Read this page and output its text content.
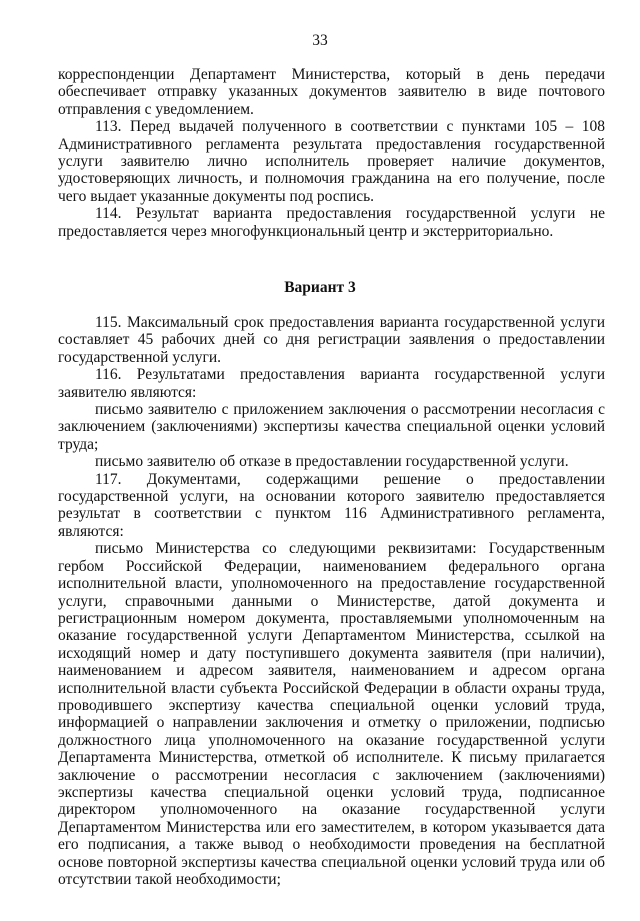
33

корреспонденции Департамент Министерства, который в день передачи обеспечивает отправку указанных документов заявителю в виде почтового отправления с уведомлением.

113. Перед выдачей полученного в соответствии с пунктами 105 – 108 Административного регламента результата предоставления государственной услуги заявителю лично исполнитель проверяет наличие документов, удостоверяющих личность, и полномочия гражданина на его получение, после чего выдает указанные документы под роспись.

114. Результат варианта предоставления государственной услуги не предоставляется через многофункциональный центр и экстерриториально.

Вариант 3

115. Максимальный срок предоставления варианта государственной услуги составляет 45 рабочих дней со дня регистрации заявления о предоставлении государственной услуги.

116. Результатами предоставления варианта государственной услуги заявителю являются:

письмо заявителю с приложением заключения о рассмотрении несогласия с заключением (заключениями) экспертизы качества специальной оценки условий труда;

письмо заявителю об отказе в предоставлении государственной услуги.

117. Документами, содержащими решение о предоставлении государственной услуги, на основании которого заявителю предоставляется результат в соответствии с пунктом 116 Административного регламента, являются:

письмо Министерства со следующими реквизитами: Государственным гербом Российской Федерации, наименованием федерального органа исполнительной власти, уполномоченного на предоставление государственной услуги, справочными данными о Министерстве, датой документа и регистрационным номером документа, проставляемыми уполномоченным на оказание государственной услуги Департаментом Министерства, ссылкой на исходящий номер и дату поступившего документа заявителя (при наличии), наименованием и адресом заявителя, наименованием и адресом органа исполнительной власти субъекта Российской Федерации в области охраны труда, проводившего экспертизу качества специальной оценки условий труда, информацией о направлении заключения и отметку о приложении, подписью должностного лица уполномоченного на оказание государственной услуги Департамента Министерства, отметкой об исполнителе. К письму прилагается заключение о рассмотрении несогласия с заключением (заключениями) экспертизы качества специальной оценки условий труда, подписанное директором уполномоченного на оказание государственной услуги Департаментом Министерства или его заместителем, в котором указывается дата его подписания, а также вывод о необходимости проведения на бесплатной основе повторной экспертизы качества специальной оценки условий труда или об отсутствии такой необходимости;
